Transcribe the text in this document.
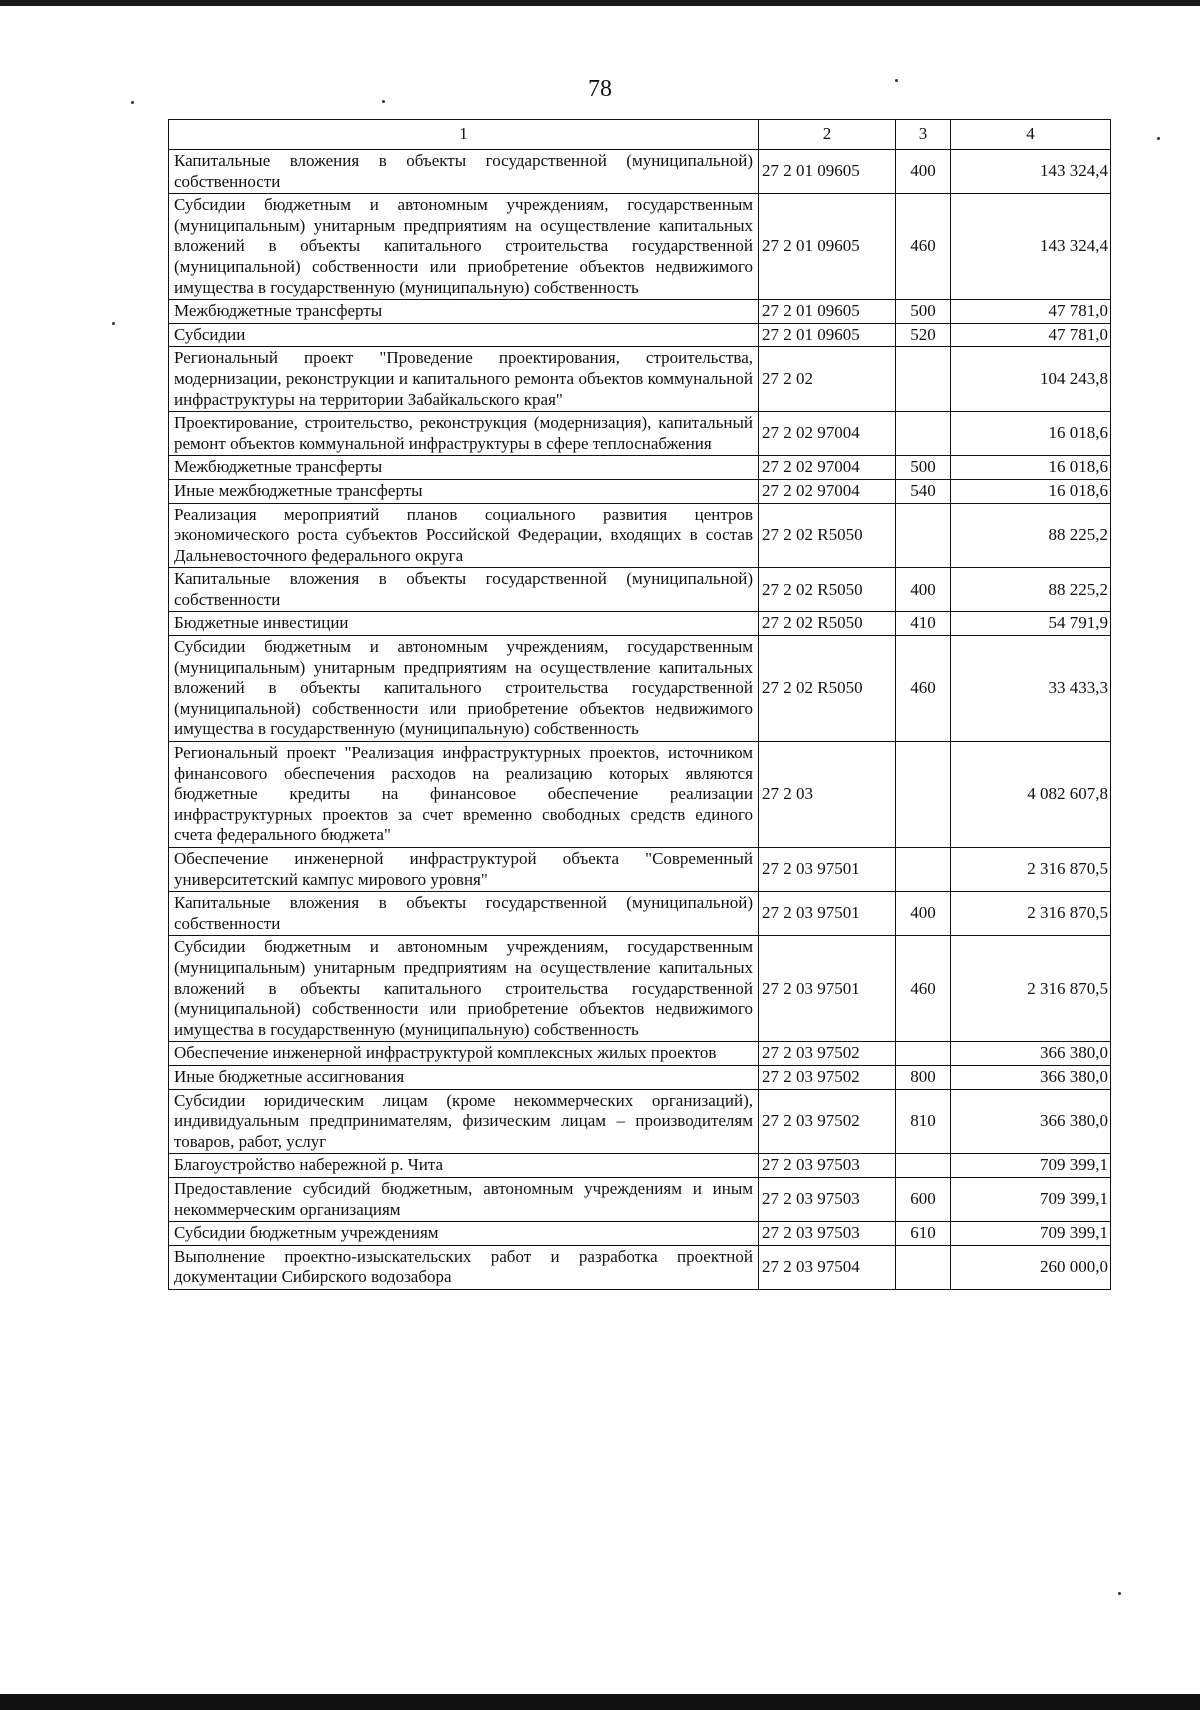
78
1	2	3	4
Капитальные вложения в объекты государственной (муниципальной) собственности	27 2 01 09605	400	143 324,4
Субсидии бюджетным и автономным учреждениям, государственным (муниципальным) унитарным предприятиям на осуществление капитальных вложений в объекты капитального строительства государственной (муниципальной) собственности или приобретение объектов недвижимого имущества в государственную (муниципальную) собственность	27 2 01 09605	460	143 324,4
Межбюджетные трансферты	27 2 01 09605	500	47 781,0
Субсидии	27 2 01 09605	520	47 781,0
Региональный проект "Проведение проектирования, строительства, модернизации, реконструкции и капитального ремонта объектов коммунальной инфраструктуры на территории Забайкальского края"	27 2 02		104 243,8
Проектирование, строительство, реконструкция (модернизация), капитальный ремонт объектов коммунальной инфраструктуры в сфере теплоснабжения	27 2 02 97004		16 018,6
Межбюджетные трансферты	27 2 02 97004	500	16 018,6
Иные межбюджетные трансферты	27 2 02 97004	540	16 018,6
Реализация мероприятий планов социального развития центров экономического роста субъектов Российской Федерации, входящих в состав Дальневосточного федерального округа	27 2 02 R5050		88 225,2
Капитальные вложения в объекты государственной (муниципальной) собственности	27 2 02 R5050	400	88 225,2
Бюджетные инвестиции	27 2 02 R5050	410	54 791,9
Субсидии бюджетным и автономным учреждениям, государственным (муниципальным) унитарным предприятиям на осуществление капитальных вложений в объекты капитального строительства государственной (муниципальной) собственности или приобретение объектов недвижимого имущества в государственную (муниципальную) собственность	27 2 02 R5050	460	33 433,3
Региональный проект "Реализация инфраструктурных проектов, источником финансового обеспечения расходов на реализацию которых являются бюджетные кредиты на финансовое обеспечение реализации инфраструктурных проектов за счет временно свободных средств единого счета федерального бюджета"	27 2 03		4 082 607,8
Обеспечение инженерной инфраструктурой объекта "Современный университетский кампус мирового уровня"	27 2 03 97501		2 316 870,5
Капитальные вложения в объекты государственной (муниципальной) собственности	27 2 03 97501	400	2 316 870,5
Субсидии бюджетным и автономным учреждениям, государственным (муниципальным) унитарным предприятиям на осуществление капитальных вложений в объекты капитального строительства государственной (муниципальной) собственности или приобретение объектов недвижимого имущества в государственную (муниципальную) собственность	27 2 03 97501	460	2 316 870,5
Обеспечение инженерной инфраструктурой комплексных жилых проектов	27 2 03 97502		366 380,0
Иные бюджетные ассигнования	27 2 03 97502	800	366 380,0
Субсидии юридическим лицам (кроме некоммерческих организаций), индивидуальным предпринимателям, физическим лицам – производителям товаров, работ, услуг	27 2 03 97502	810	366 380,0
Благоустройство набережной р. Чита	27 2 03 97503		709 399,1
Предоставление субсидий бюджетным, автономным учреждениям и иным некоммерческим организациям	27 2 03 97503	600	709 399,1
Субсидии бюджетным учреждениям	27 2 03 97503	610	709 399,1
Выполнение проектно-изыскательских работ и разработка проектной документации Сибирского водозабора	27 2 03 97504		260 000,0
